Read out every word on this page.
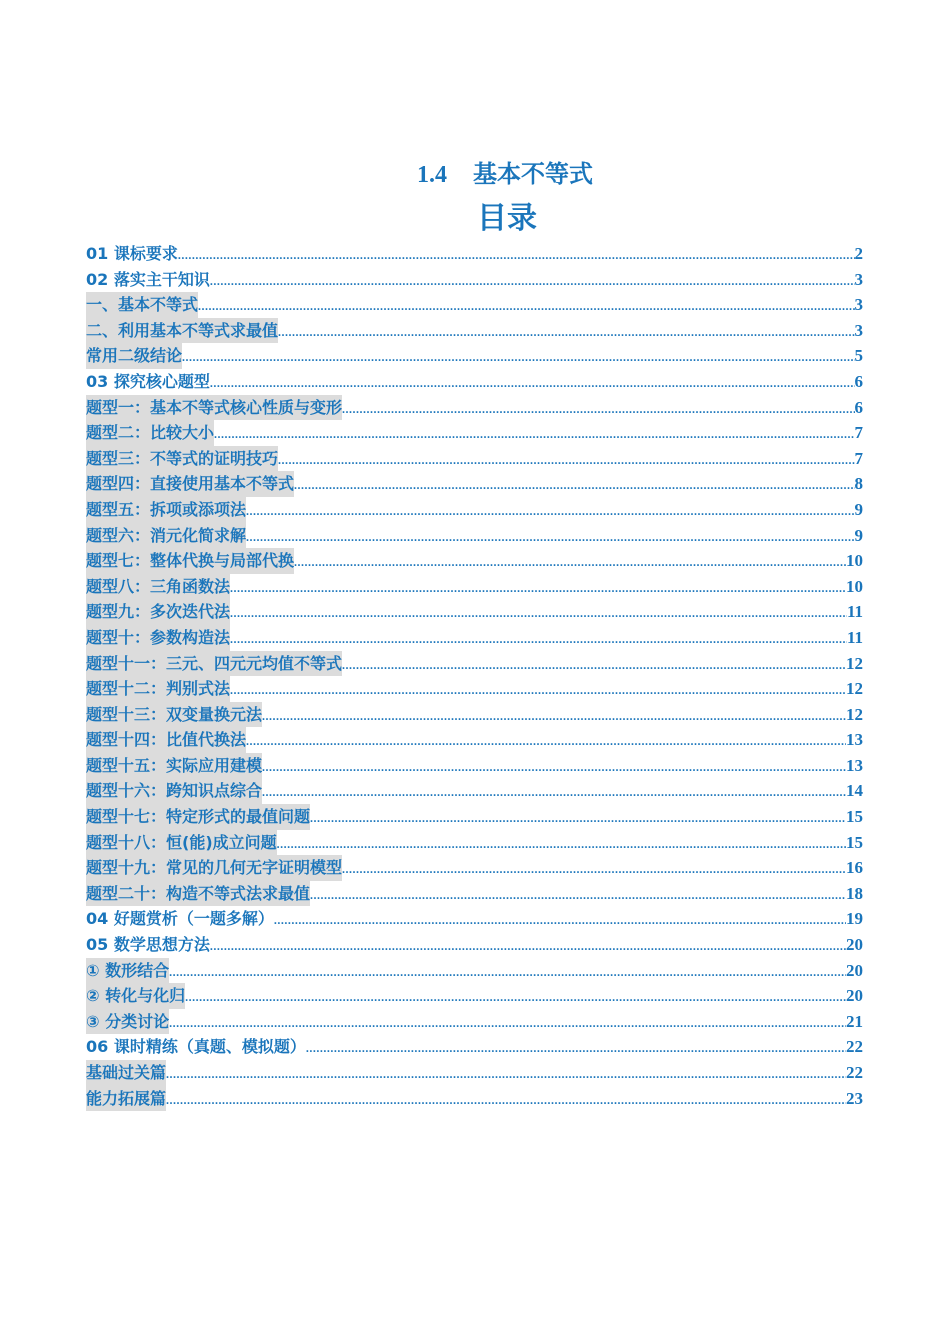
1.4 基本不等式
目录
01 课标要求 .....	2
02 落实主干知识 .....	3
一、基本不等式 .....	3
二、利用基本不等式求最值 .....	3
常用二级结论 .....	5
03 探究核心题型 .....	6
题型一：基本不等式核心性质与变形 .....	6
题型二：比较大小 .....	7
题型三：不等式的证明技巧 .....	7
题型四：直接使用基本不等式 .....	8
题型五：拆项或添项法 .....	9
题型六：消元化简求解 .....	9
题型七：整体代换与局部代换 .....	10
题型八：三角函数法 .....	10
题型九：多次迭代法 .....	11
题型十：参数构造法 .....	11
题型十一：三元、四元元均值不等式 .....	12
题型十二：判别式法 .....	12
题型十三：双变量换元法 .....	12
题型十四：比值代换法 .....	13
题型十五：实际应用建模 .....	13
题型十六：跨知识点综合 .....	14
题型十七：特定形式的最值问题 .....	15
题型十八：恒(能)成立问题 .....	15
题型十九：常见的几何无字证明模型 .....	16
题型二十：构造不等式法求最值 .....	18
04 好题赏析（一题多解） .....	19
05 数学思想方法 .....	20
① 数形结合 .....	20
② 转化与化归 .....	20
③ 分类讨论 .....	21
06 课时精练（真题、模拟题） .....	22
基础过关篇 .....	22
能力拓展篇 .....	23
